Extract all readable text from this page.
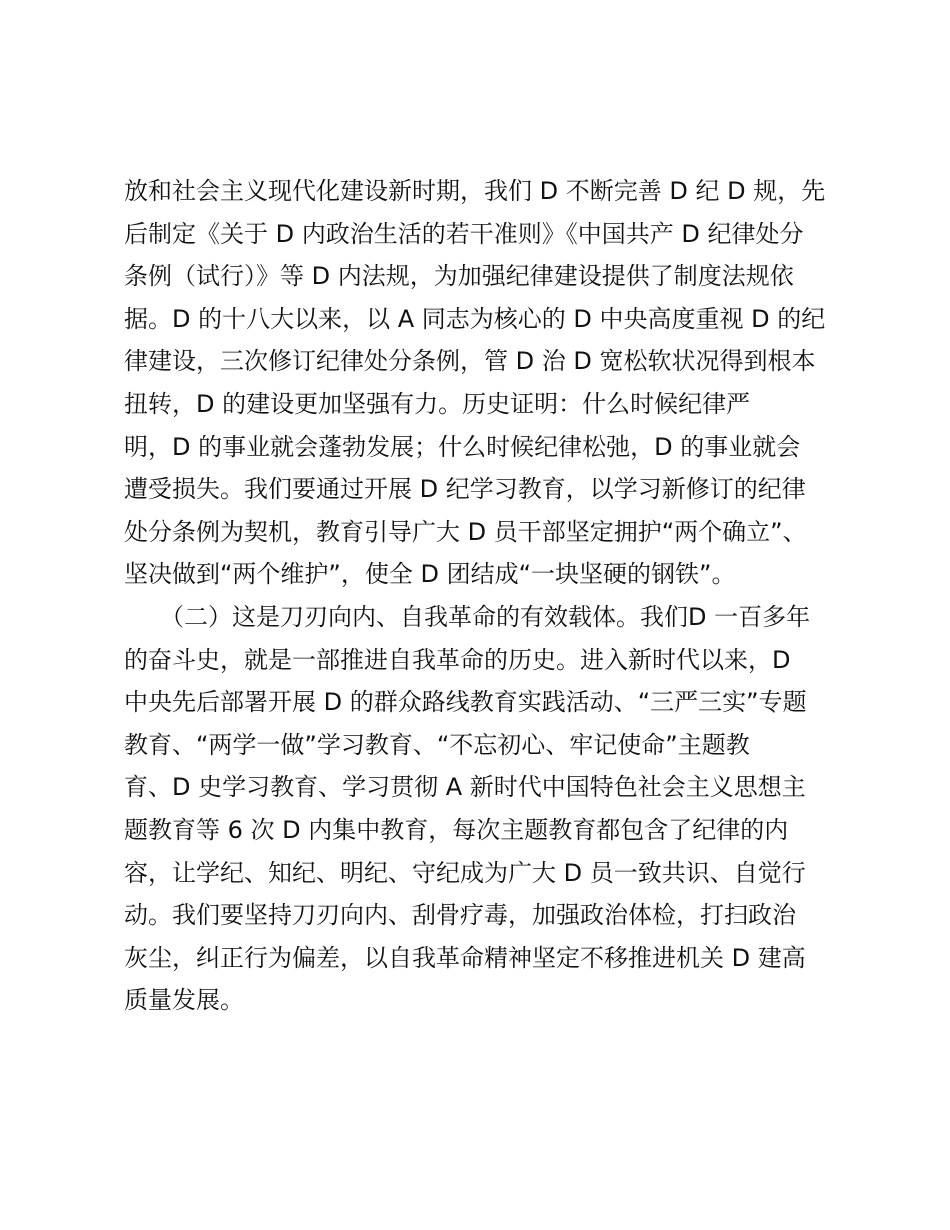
放和社会主义现代化建设新时期，我们 D 不断完善 D 纪 D 规，先
后制定《关于 D 内政治生活的若干准则》《中国共产 D 纪律处分
条例（试行）》等 D 内法规，为加强纪律建设提供了制度法规依
据。D 的十八大以来，以 A 同志为核心的 D 中央高度重视 D 的纪
律建设，三次修订纪律处分条例，管 D 治 D 宽松软状况得到根本
扭转，D 的建设更加坚强有力。历史证明：什么时候纪律严
明，D 的事业就会蓬勃发展；什么时候纪律松弛，D 的事业就会
遭受损失。我们要通过开展 D 纪学习教育，以学习新修订的纪律
处分条例为契机，教育引导广大 D 员干部坚定拥护“两个确立”、
坚决做到“两个维护”，使全 D 团结成“一块坚硬的钢铁”。
　　（二）这是刀刃向内、自我革命的有效载体。我们D 一百多年
的奋斗史，就是一部推进自我革命的历史。进入新时代以来，D
中央先后部署开展 D 的群众路线教育实践活动、“三严三实”专题
教育、“两学一做”学习教育、“不忘初心、牢记使命”主题教
育、D 史学习教育、学习贯彻 A 新时代中国特色社会主义思想主
题教育等 6 次 D 内集中教育，每次主题教育都包含了纪律的内
容，让学纪、知纪、明纪、守纪成为广大 D 员一致共识、自觉行
动。我们要坚持刀刃向内、刮骨疗毒，加强政治体检，打扫政治
灰尘，纠正行为偏差，以自我革命精神坚定不移推进机关 D 建高
质量发展。
